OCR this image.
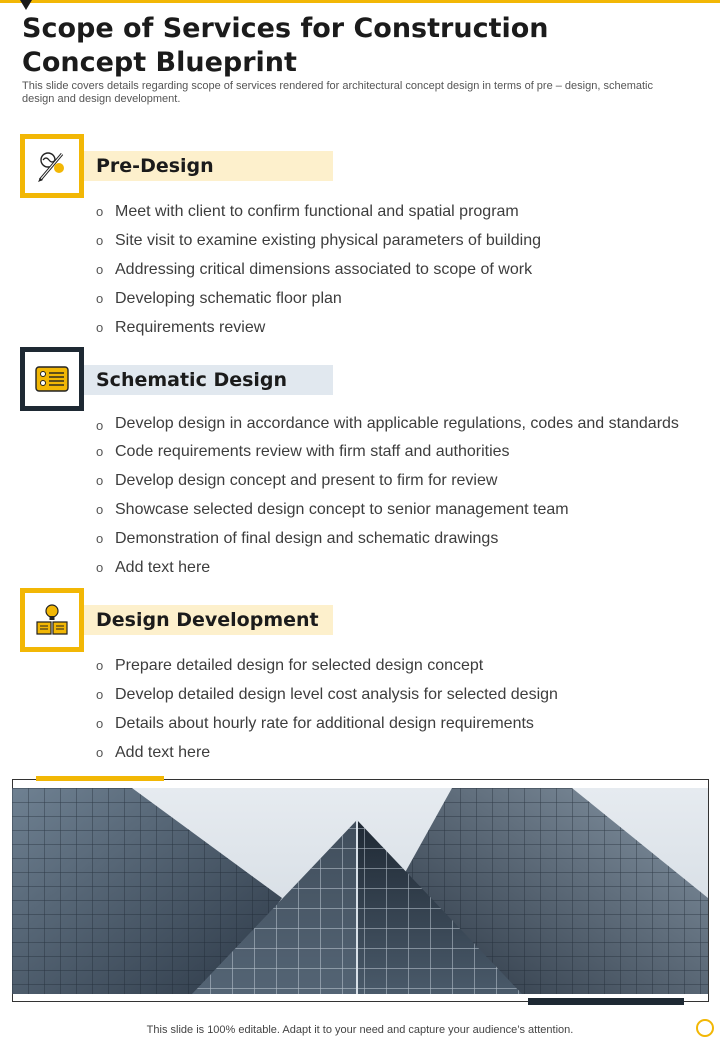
Scope of Services for Construction
Concept Blueprint
This slide covers details regarding scope of services rendered for architectural concept design in terms of pre – design, schematic design and design development.
Pre-Design
o Meet with client to confirm functional and spatial program
o Site visit to examine existing physical parameters of building
o Addressing critical dimensions associated to scope of work
o Developing schematic floor plan
o Requirements review
Schematic Design
o Develop design in accordance with applicable regulations, codes and standards
o Code requirements review with firm staff and authorities
o Develop design concept and present to firm for review
o Showcase selected design concept to senior management team
o Demonstration of final design and schematic drawings
o Add text here
Design Development
o Prepare detailed design for selected design concept
o Develop detailed design level cost analysis for selected design
o Details about hourly rate for additional design requirements
o Add text here
This slide is 100% editable. Adapt it to your need and capture your audience’s attention.
